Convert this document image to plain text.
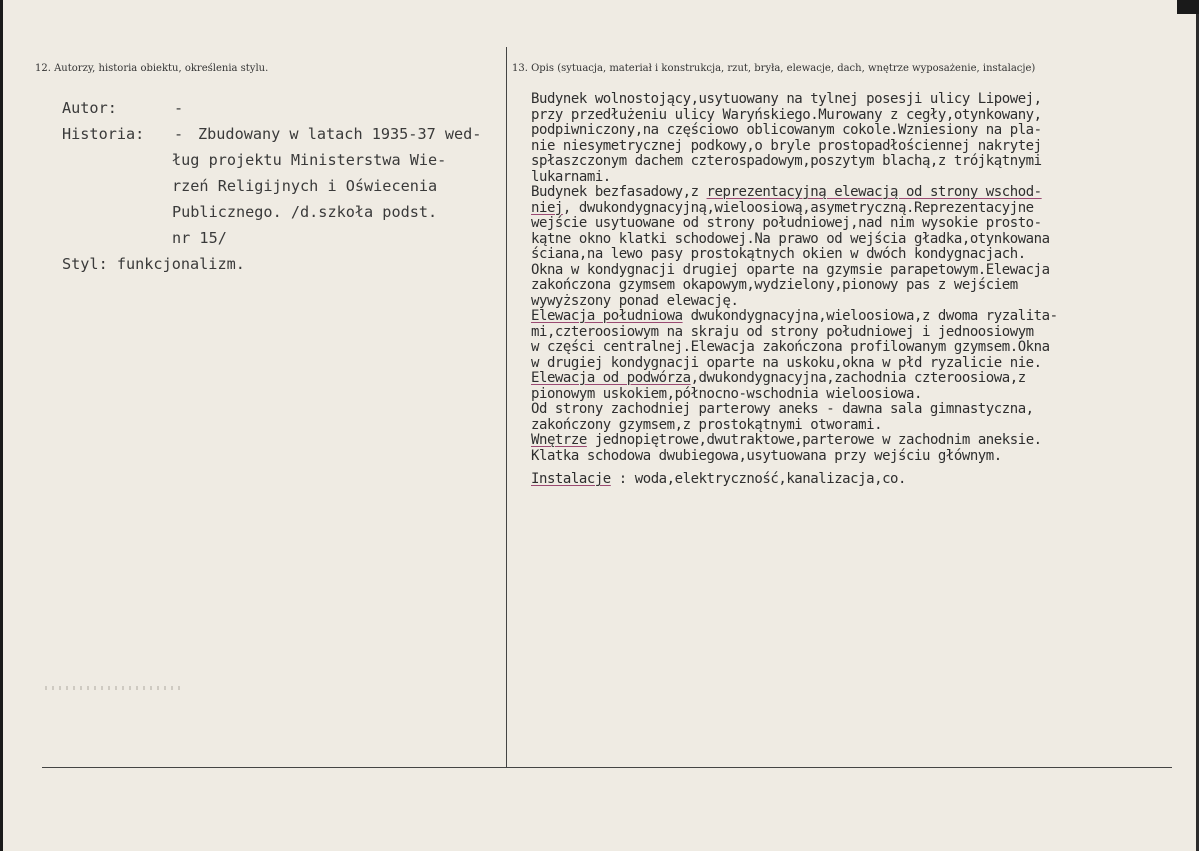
12. Autorzy, historia obiektu, określenia stylu.	13. Opis (sytuacja, materiał i konstrukcja, rzut, bryła, elewacje, dach, wnętrze wyposażenie, instalacje)
Autor:	-
Historia:	- Zbudowany w latach 1935-37 wed-
ług projektu Ministerstwa Wie-
rzeń Religijnych i Oświecenia
Publicznego. /d.szkoła podst.
nr 15/
Styl: funkcjonalizm.
Budynek wolnostojący,usytuowany na tylnej posesji ulicy Lipowej,
przy przedłużeniu ulicy Waryńskiego.Murowany z cegły,otynkowany,
podpiwniczony,na częściowo oblicowanym cokole.Wzniesiony na pla-
nie niesymetrycznej podkowy,o bryle prostopadłościennej nakrytej
spłaszczonym dachem czterospadowym,poszytym blachą,z trójkątnymi
lukarnami.
Budynek bezfasadowy,z reprezentacyjną elewacją od strony wschod-
niej, dwukondygnacyjną,wieloosiową,asymetryczną.Reprezentacyjne
wejście usytuowane od strony południowej,nad nim wysokie prosto-
kątne okno klatki schodowej.Na prawo od wejścia gładka,otynkowana
ściana,na lewo pasy prostokątnych okien w dwóch kondygnacjach.
Okna w kondygnacji drugiej oparte na gzymsie parapetowym.Elewacja
zakończona gzymsem okapowym,wydzielony,pionowy pas z wejściem
wywyższony ponad elewację.
Elewacja południowa dwukondygnacyjna,wieloosiowa,z dwoma ryzalita-
mi,czteroosiowym na skraju od strony południowej i jednoosiowym
w części centralnej.Elewacja zakończona profilowanym gzymsem.Okna
w drugiej kondygnacji oparte na uskoku,okna w płd ryzalicie nie.
Elewacja od podwórza,dwukondygnacyjna,zachodnia czteroosiowa,z
pionowym uskokiem,północno-wschodnia wieloosiowa.
Od strony zachodniej parterowy aneks - dawna sala gimnastyczna,
zakończony gzymsem,z prostokątnymi otworami.
Wnętrze jednopiętrowe,dwutraktowe,parterowe w zachodnim aneksie.
Klatka schodowa dwubiegowa,usytuowana przy wejściu głównym.
Instalacje : woda,elektryczność,kanalizacja,co.
